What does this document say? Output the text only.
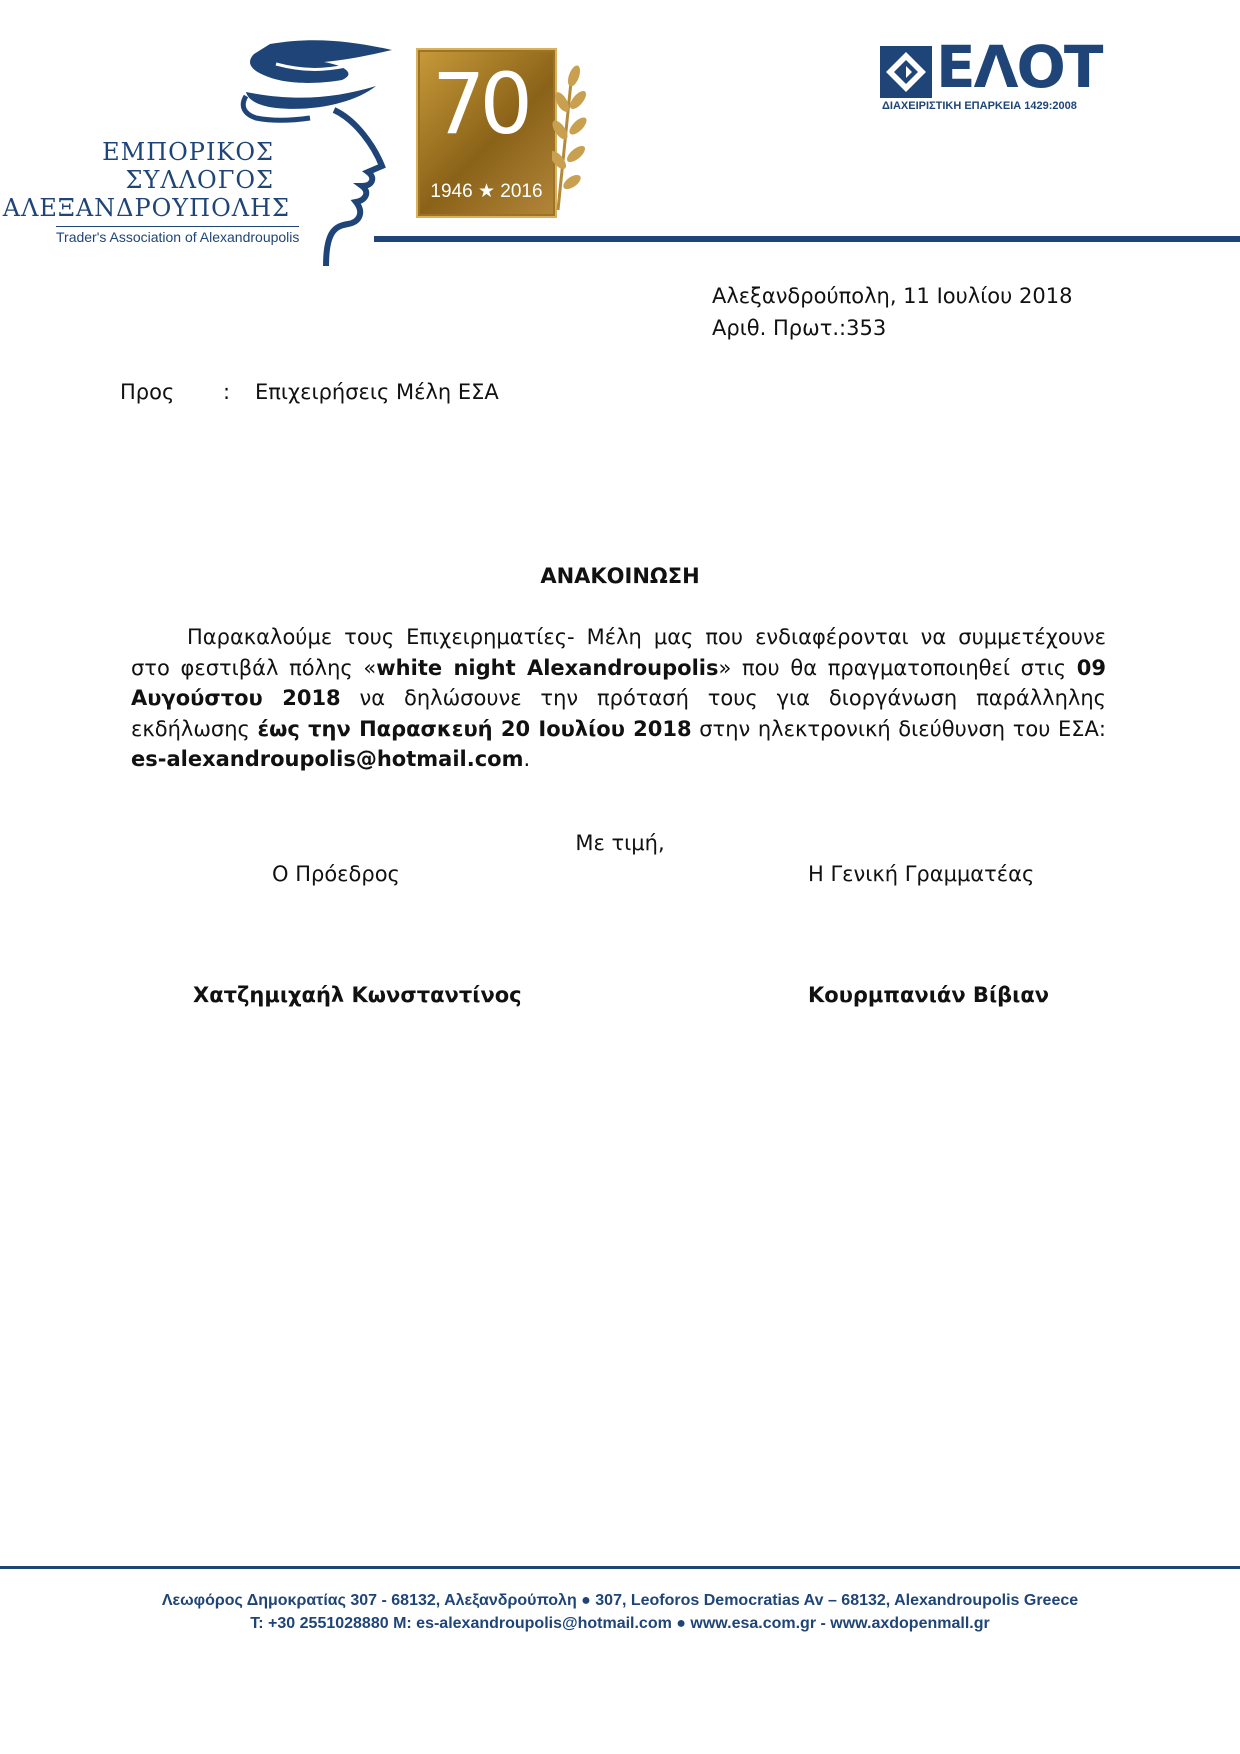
ΕΜΠΟΡΙΚΟΣ
ΣΥΛΛΟΓΟΣ
ΑΛΕΞΑΝΔΡΟΥΠΟΛΗΣ
Trader's Association of Alexandroupolis
70
1946 ★ 2016
ΕΛΟΤ
ΔΙΑΧΕΙΡΙΣΤΙΚΗ ΕΠΑΡΚΕΙΑ 1429:2008
Αλεξανδρούπολη, 11 Ιουλίου 2018
Αριθ. Πρωτ.:353
Προς : Επιχειρήσεις Μέλη ΕΣΑ
ΑΝΑΚΟΙΝΩΣΗ
Παρακαλούμε τους Επιχειρηματίες- Μέλη μας που ενδιαφέρονται να συμμετέχουνε στο φεστιβάλ πόλης «white night Alexandroupolis» που θα πραγματοποιηθεί στις 09 Αυγούστου 2018 να δηλώσουνε την πρότασή τους για διοργάνωση παράλληλης εκδήλωσης έως την Παρασκευή 20 Ιουλίου 2018 στην ηλεκτρονική διεύθυνση του ΕΣΑ: es-alexandroupolis@hotmail.com.
Με τιμή,
Ο Πρόεδρος	Η Γενική Γραμματέας
Χατζημιχαήλ Κωνσταντίνος	Κουρμπανιάν Βίβιαν
Λεωφόρος Δημοκρατίας 307 - 68132, Αλεξανδρούπολη ● 307, Leoforos Democratias Av – 68132, Alexandroupolis Greece
T: +30 2551028880 M: es-alexandroupolis@hotmail.com ● www.esa.com.gr - www.axdopenmall.gr
